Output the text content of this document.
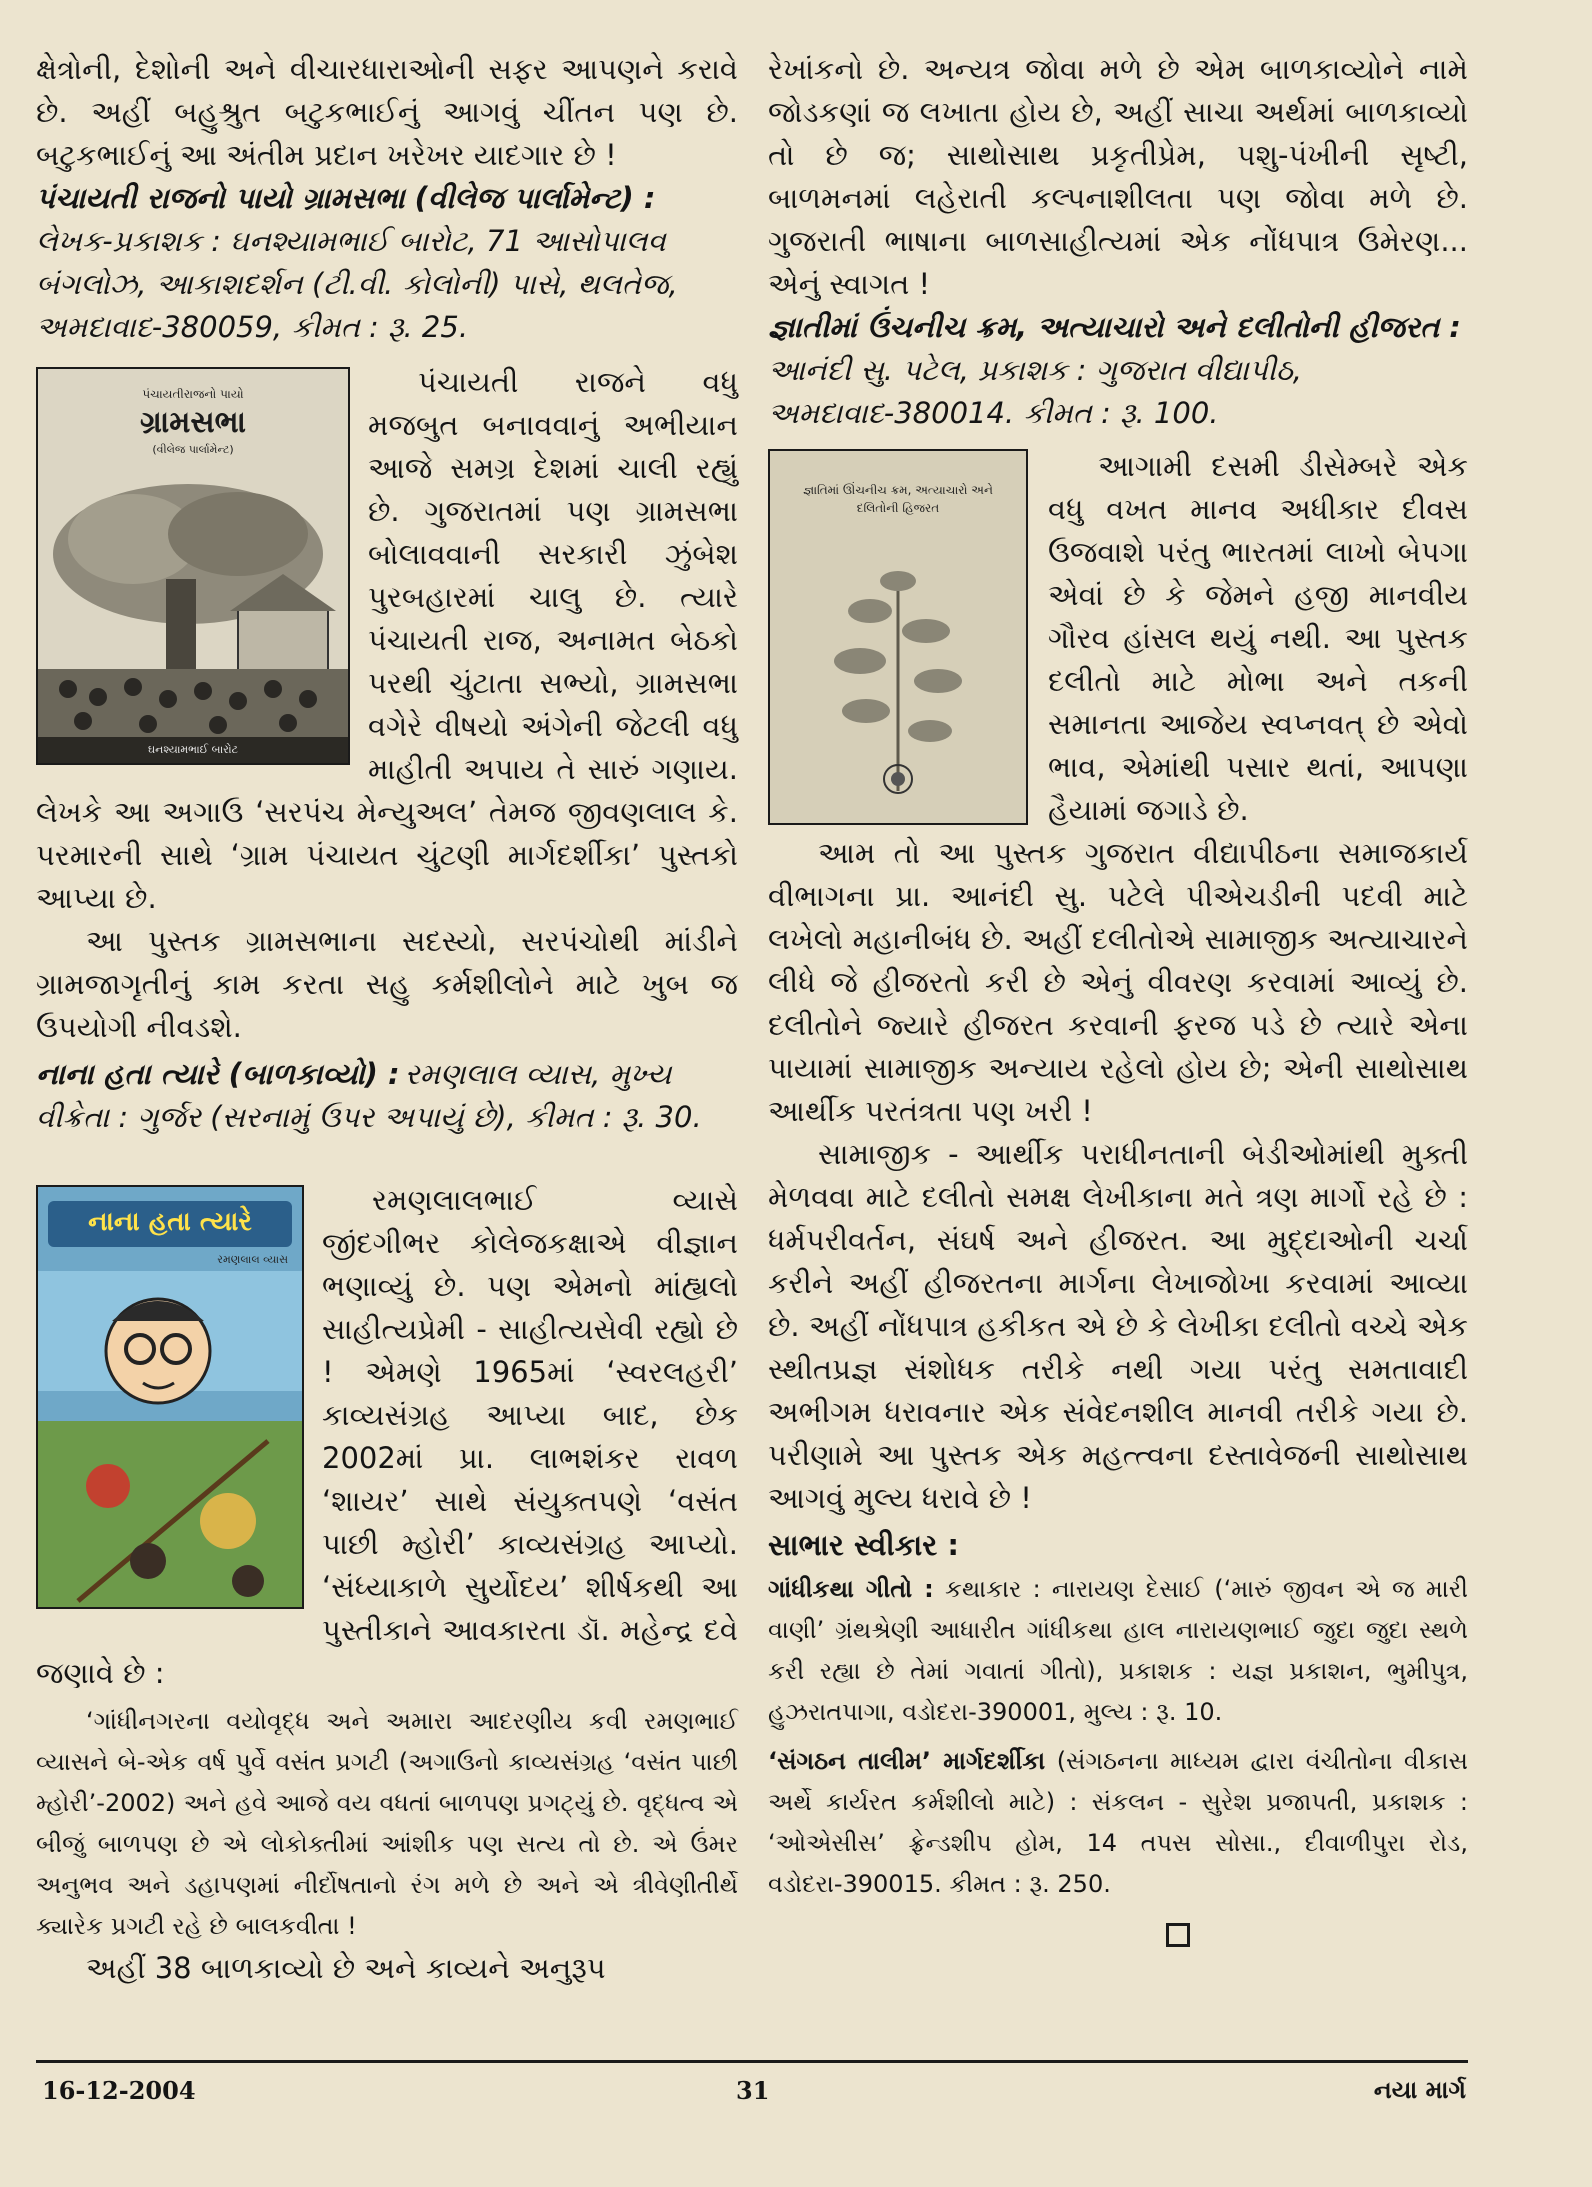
ક્ષેત્રોની, દેશોની અને વીચારધારાઓની સફર આપણને કરાવે છે. અહીં બહુશ્રુત બટુકભાઈનું આગવું ચીંતન પણ છે. બટુકભાઈનું આ અંતીમ પ્રદાન ખરેખર યાદગાર છે !

પંચાયતી રાજનો પાયો ગ્રામસભા (વીલેજ પાર્લામેન્ટ) :
લેખક-પ્રકાશક : ઘનશ્યામભાઈ બારોટ, 71 આસોપાલવ બંગલોઝ, આકાશદર્શન (ટી.વી. કોલોની) પાસે, થલતેજ, અમદાવાદ-380059, કીમત : રૂ. 25.
પંચાયતીરાજનો પાયો
ગ્રામસભા
(વીલેજ પાર્લામેન્ટ)
ઘનશ્યામભાઈ બારોટ

પંચાયતી રાજને વધુ મજબુત બનાવવાનું અભીયાન આજે સમગ્ર દેશમાં ચાલી રહ્યું છે. ગુજરાતમાં પણ ગ્રામસભા બોલાવવાની સરકારી ઝુંબેશ પુરબહારમાં ચાલુ છે. ત્યારે પંચાયતી રાજ, અનામત બેઠકો પરથી ચુંટાતા સભ્યો, ગ્રામસભા વગેરે વીષયો અંગેની જેટલી વધુ માહીતી અપાય તે સારું ગણાય. લેખકે આ અગાઉ ‘સરપંચ મેન્યુઅલ’ તેમજ જીવણલાલ કે. પરમારની સાથે ‘ગ્રામ પંચાયત ચુંટણી માર્ગદર્શીકા’ પુસ્તકો આપ્યા છે.

આ પુસ્તક ગ્રામસભાના સદસ્યો, સરપંચોથી માંડીને ગ્રામજાગૃતીનું કામ કરતા સહુ કર્મશીલોને માટે ખુબ જ ઉપયોગી નીવડશે.

નાના હતા ત્યારે (બાળકાવ્યો) : રમણલાલ વ્યાસ, મુખ્ય વીક્રેતા : ગુર્જર (સરનામું ઉપર અપાયું છે), કીમત : રૂ. 30.
નાના હતા ત્યારે
રમણલાલ વ્યાસ

રમણલાલભાઈ વ્યાસે જીંદગીભર કોલેજકક્ષાએ વીજ્ઞાન ભણાવ્યું છે. પણ એમનો માંહ્યલો સાહીત્યપ્રેમી - સાહીત્યસેવી રહ્યો છે ! એમણે 1965માં ‘સ્વરલહરી’ કાવ્યસંગ્રહ આપ્યા બાદ, છેક 2002માં પ્રા. લાભશંકર રાવળ ‘શાયર’ સાથે સંયુક્તપણે ‘વસંત પાછી મ્હોરી’ કાવ્યસંગ્રહ આપ્યો. ‘સંધ્યાકાળે સુર્યોદય’ શીર્ષકથી આ પુસ્તીકાને આવકારતા ડૉ. મહેન્દ્ર દવે જણાવે છે :

‘ગાંધીનગરના વયોવૃદ્ધ અને અમારા આદરણીય કવી રમણભાઈ વ્યાસને બે-એક વર્ષ પુર્વે વસંત પ્રગટી (અગાઉનો કાવ્યસંગ્રહ ‘વસંત પાછી મ્હોરી’-2002) અને હવે આજે વય વધતાં બાળપણ પ્રગટ્યું છે. વૃદ્ધત્વ એ બીજું બાળપણ છે એ લોકોક્તીમાં આંશીક પણ સત્ય તો છે. એ ઉંમર અનુભવ અને ડહાપણમાં નીર્દોષતાનો રંગ મળે છે અને એ ત્રીવેણીતીર્થે ક્યારેક પ્રગટી રહે છે બાલકવીતા !

અહીં 38 બાળકાવ્યો છે અને કાવ્યને અનુરૂપ

રેખાંકનો છે. અન્યત્ર જોવા મળે છે એમ બાળકાવ્યોને નામે જોડકણાં જ લખાતા હોય છે, અહીં સાચા અર્થમાં બાળકાવ્યો તો છે જ; સાથોસાથ પ્રકૃતીપ્રેમ, પશુ-પંખીની સૃષ્ટી, બાળમનમાં લહેરાતી કલ્પનાશીલતા પણ જોવા મળે છે. ગુજરાતી ભાષાના બાળસાહીત્યમાં એક નોંધપાત્ર ઉમેરણ... એનું સ્વાગત !

જ્ઞાતીમાં ઉંચનીચ ક્રમ, અત્યાચારો અને દલીતોની હીજરત :
આનંદી સુ. પટેલ, પ્રકાશક : ગુજરાત વીદ્યાપીઠ, અમદાવાદ-380014. કીમત : રૂ. 100.
જ્ઞાતિમાં ઊંચનીચ ક્રમ, અત્યાચારો અને દલિતોની હિજરત

આગામી દસમી ડીસેમ્બરે એક વધુ વખત માનવ અધીકાર દીવસ ઉજવાશે પરંતુ ભારતમાં લાખો બેપગા એવાં છે કે જેમને હજી માનવીય ગૌરવ હાંસલ થયું નથી. આ પુસ્તક દલીતો માટે મોભા અને તકની સમાનતા આજેય સ્વપ્નવત્ છે એવો ભાવ, એમાંથી પસાર થતાં, આપણા હૈયામાં જગાડે છે.

આમ તો આ પુસ્તક ગુજરાત વીદ્યાપીઠના સમાજકાર્ય વીભાગના પ્રા. આનંદી સુ. પટેલે પીએચડીની પદવી માટે લખેલો મહાનીબંધ છે. અહીં દલીતોએ સામાજીક અત્યાચારને લીધે જે હીજરતો કરી છે એનું વીવરણ કરવામાં આવ્યું છે. દલીતોને જ્યારે હીજરત કરવાની ફરજ પડે છે ત્યારે એના પાયામાં સામાજીક અન્યાય રહેલો હોય છે; એની સાથોસાથ આર્થીક પરતંત્રતા પણ ખરી !

સામાજીક - આર્થીક પરાધીનતાની બેડીઓમાંથી મુક્તી મેળવવા માટે દલીતો સમક્ષ લેખીકાના મતે ત્રણ માર્ગો રહે છે : ધર્મપરીવર્તન, સંઘર્ષ અને હીજરત. આ મુદ્દાઓની ચર્ચા કરીને અહીં હીજરતના માર્ગના લેખાજોખા કરવામાં આવ્યા છે. અહીં નોંધપાત્ર હકીકત એ છે કે લેખીકા દલીતો વચ્ચે એક સ્થીતપ્રજ્ઞ સંશોધક તરીકે નથી ગયા પરંતુ સમતાવાદી અભીગમ ધરાવનાર એક સંવેદનશીલ માનવી તરીકે ગયા છે. પરીણામે આ પુસ્તક એક મહત્ત્વના દસ્તાવેજની સાથોસાથ આગવું મુલ્ય ધરાવે છે !

સાભાર સ્વીકાર :

ગાંધીકથા ગીતો : કથાકાર : નારાયણ દેસાઈ (‘મારું જીવન એ જ મારી વાણી’ ગ્રંથશ્રેણી આધારીત ગાંધીકથા હાલ નારાયણભાઈ જુદા જુદા સ્થળે કરી રહ્યા છે તેમાં ગવાતાં ગીતો), પ્રકાશક : યજ્ઞ પ્રકાશન, ભુમીપુત્ર, હુઝરાતપાગા, વડોદરા-390001, મુલ્ય : રૂ. 10.

‘સંગઠન તાલીમ’ માર્ગદર્શીકા (સંગઠનના માધ્યમ દ્વારા વંચીતોના વીકાસ અર્થે કાર્યરત કર્મશીલો માટે) : સંકલન - સુરેશ પ્રજાપતી, પ્રકાશક : ‘ઓએસીસ’ ફ્રેન્ડશીપ હોમ, 14 તપસ સોસા., દીવાળીપુરા રોડ, વડોદરા-390015. કીમત : રૂ. 250.

16-12-2004	31	નયા માર્ગ
